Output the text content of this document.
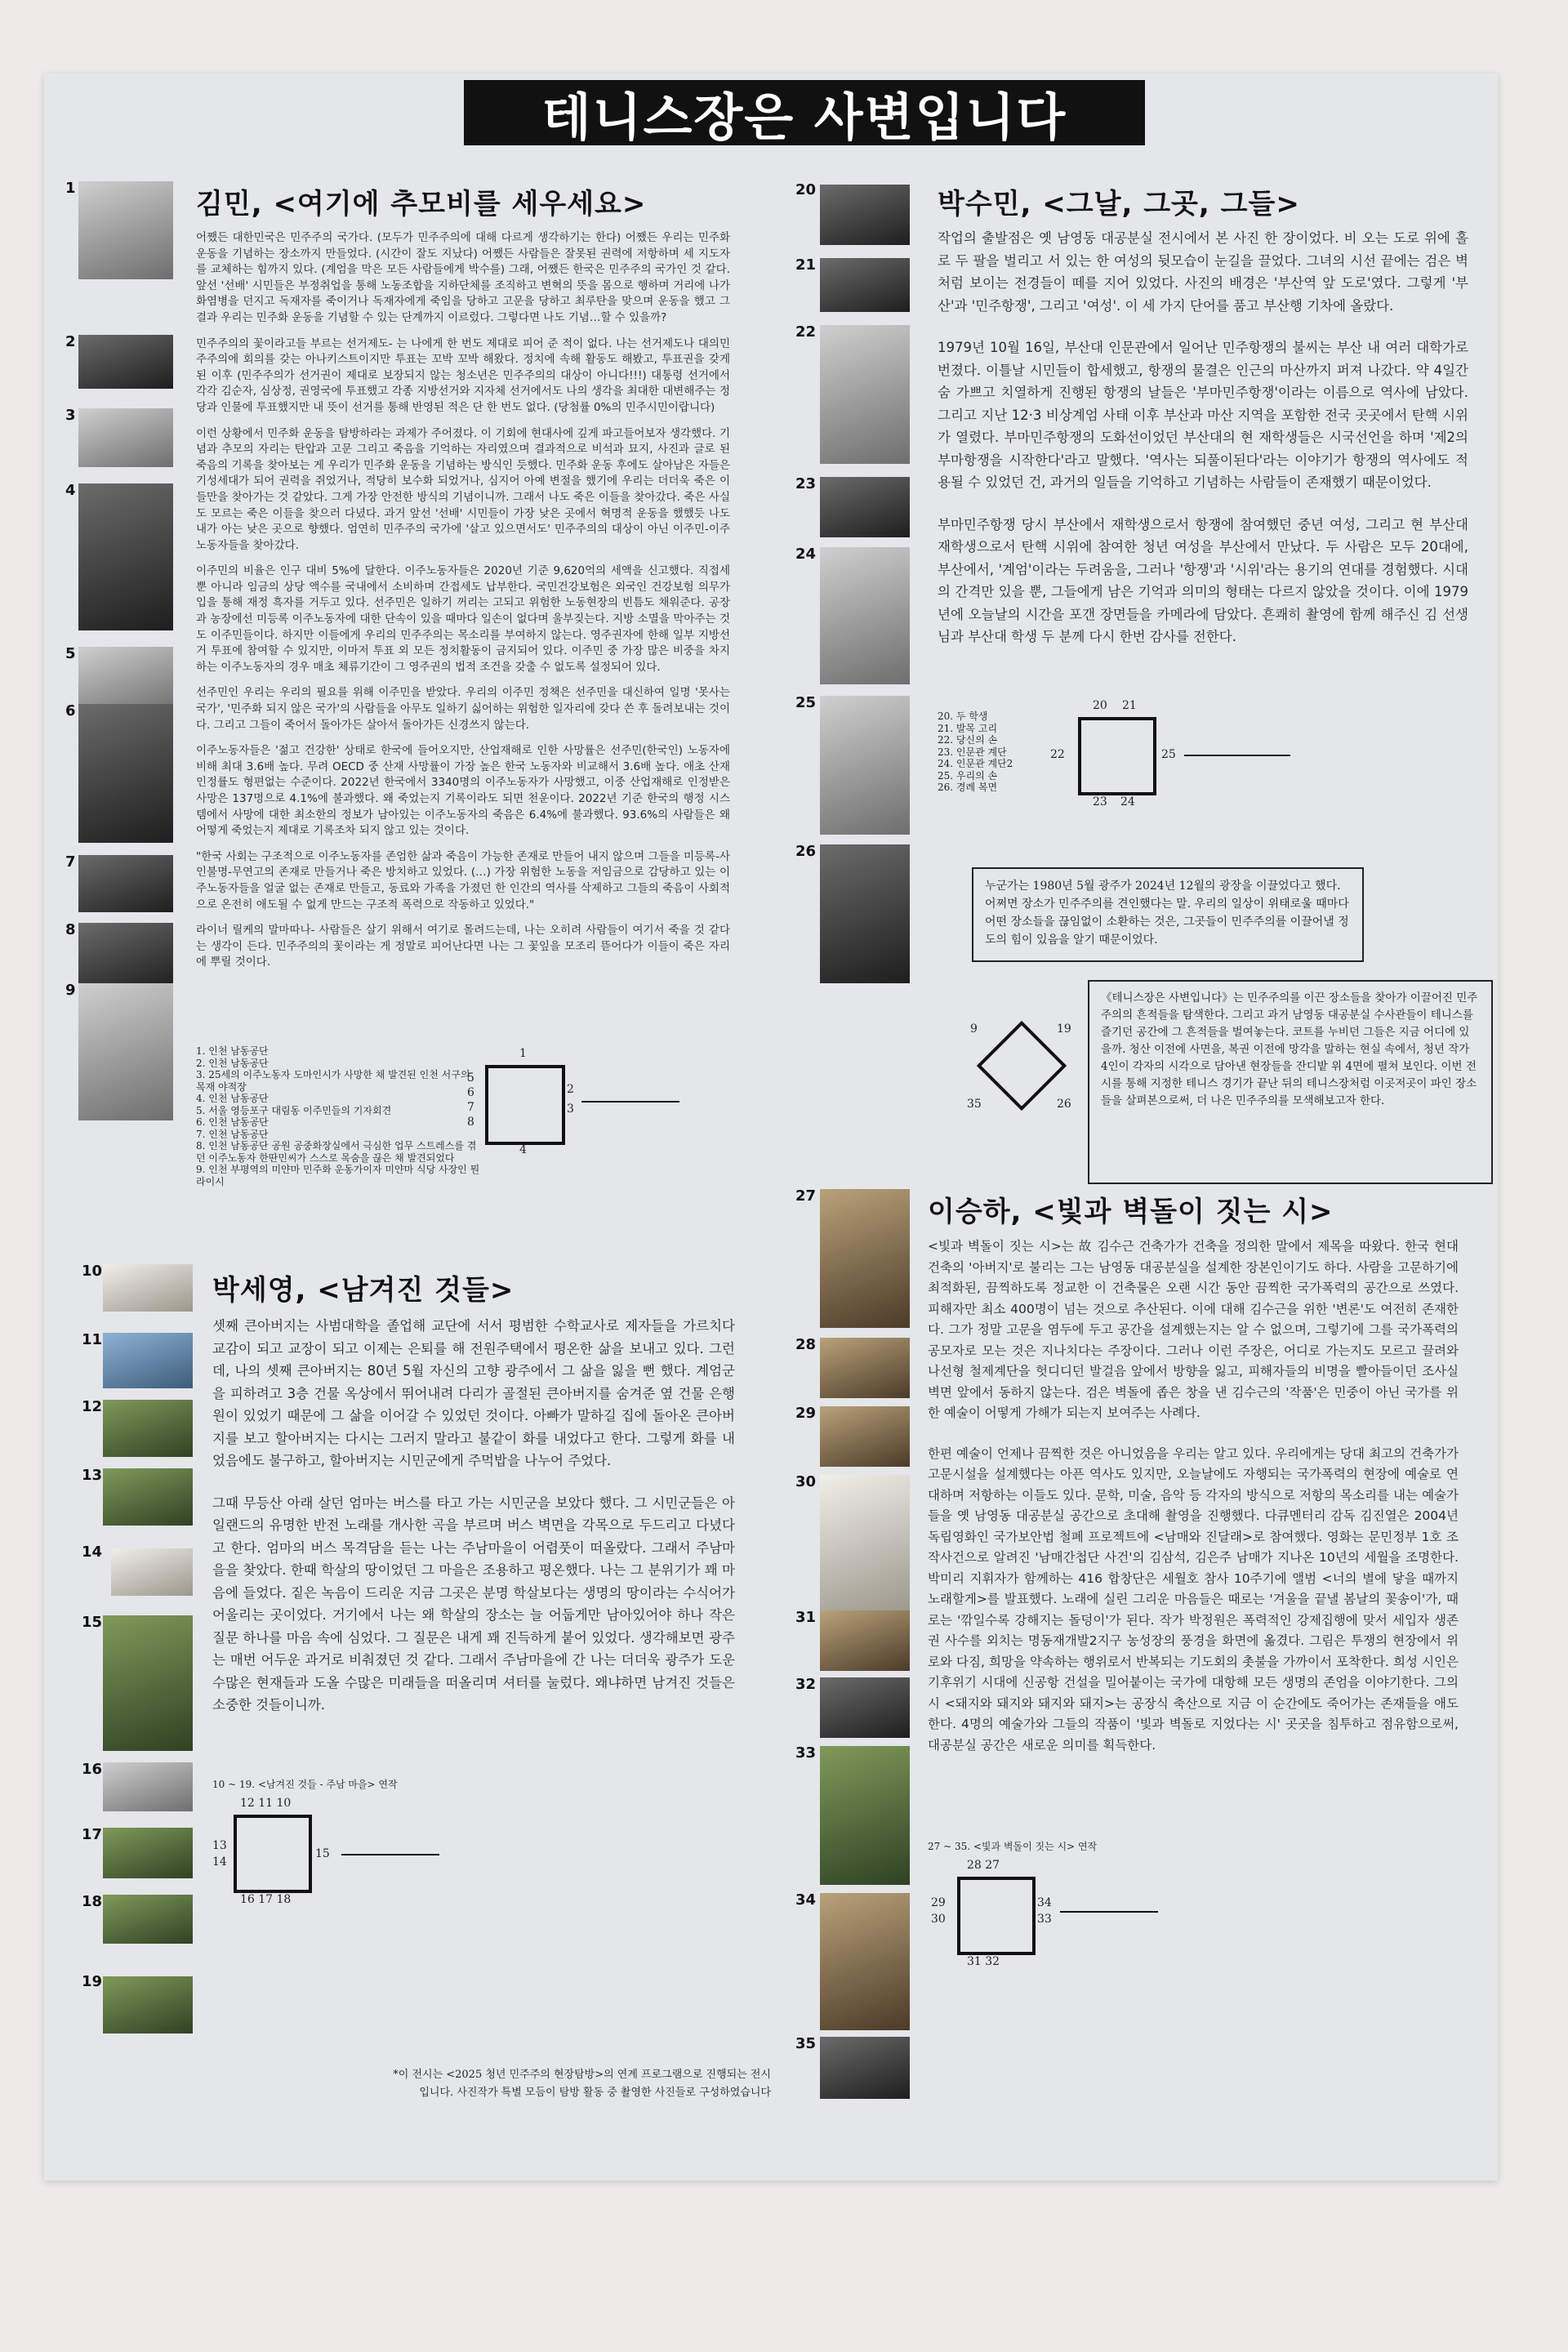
테니스장은 사변입니다
1
2
3
4
5
6
7
8
9
김민, <여기에 추모비를 세우세요>

어쨌든 대한민국은 민주주의 국가다. (모두가 민주주의에 대해 다르게 생각하기는 한다) 어쨌든 우리는 민주화 운동을 기념하는 장소까지 만들었다. (시간이 잘도 지났다) 어쨌든 사람들은 잘못된 권력에 저항하며 세 지도자를 교체하는 힘까지 있다. (계엄을 막은 모든 사람들에게 박수를) 그래, 어쨌든 한국은 민주주의 국가인 것 같다. 앞선 '선배' 시민들은 부정취업을 통해 노동조합을 지하단체를 조직하고 변혁의 뜻을 몸으로 행하며 거리에 나가 화염병을 던지고 독재자를 죽이거나 독재자에게 죽임을 당하고 고문을 당하고 최루탄을 맞으며 운동을 했고 그 결과 우리는 민주화 운동을 기념할 수 있는 단계까지 이르렀다. 그렇다면 나도 기념…할 수 있을까?

민주주의의 꽃이라고들 부르는 선거제도- 는 나에게 한 번도 제대로 피어 준 적이 없다. 나는 선거제도나 대의민주주의에 회의를 갖는 아나키스트이지만 투표는 꼬박 꼬박 해왔다. 정치에 속해 활동도 해봤고, 투표권을 갖게 된 이후 (민주주의가 선거권이 제대로 보장되지 않는 청소년은 민주주의의 대상이 아니다!!!) 대통령 선거에서 각각 김순자, 심상정, 권영국에 투표했고 각종 지방선거와 지자체 선거에서도 나의 생각을 최대한 대변해주는 정당과 인물에 투표했지만 내 뜻이 선거를 통해 반영된 적은 단 한 번도 없다. (당첨률 0%의 민주시민이랍니다)

이런 상황에서 민주화 운동을 탐방하라는 과제가 주어졌다. 이 기회에 현대사에 깊게 파고들어보자 생각했다. 기념과 추모의 자리는 탄압과 고문 그리고 죽음을 기억하는 자리였으며 결과적으로 비석과 묘지, 사진과 글로 된 죽음의 기록을 찾아보는 게 우리가 민주화 운동을 기념하는 방식인 듯했다. 민주화 운동 후에도 살아남은 자들은 기성세대가 되어 권력을 쥐었거나, 적당히 보수화 되었거나, 심지어 아예 변절을 했기에 우리는 더더욱 죽은 이들만을 찾아가는 것 같았다. 그게 가장 안전한 방식의 기념이니까. 그래서 나도 죽은 이들을 찾아갔다. 죽은 사실도 모르는 죽은 이들을 찾으러 다녔다. 과거 앞선 '선배' 시민들이 가장 낮은 곳에서 혁명적 운동을 했했듯 나도 내가 아는 낮은 곳으로 향했다. 엄연히 민주주의 국가에 '살고 있으면서도' 민주주의의 대상이 아닌 이주민-이주노동자들을 찾아갔다.

이주민의 비율은 인구 대비 5%에 달한다. 이주노동자들은 2020년 기준 9,620억의 세액을 신고했다. 직접세 뿐 아니라 임금의 상당 액수를 국내에서 소비하며 간접세도 납부한다. 국민건강보험은 외국인 건강보험 의무가입을 통해 재정 흑자를 거두고 있다. 선주민은 일하기 꺼리는 고되고 위험한 노동현장의 빈틈도 채워준다. 공장과 농장에선 미등록 이주노동자에 대한 단속이 있을 때마다 일손이 없다며 울부짖는다. 지방 소멸을 막아주는 것도 이주민들이다. 하지만 이들에게 우리의 민주주의는 목소리를 부여하지 않는다. 영주권자에 한해 일부 지방선거 투표에 참여할 수 있지만, 이마저 투표 외 모든 정치활동이 금지되어 있다. 이주민 중 가장 많은 비중을 차지하는 이주노동자의 경우 매초 체류기간이 그 영주권의 법적 조건을 갖출 수 없도록 설정되어 있다.

선주민인 우리는 우리의 필요를 위해 이주민을 받았다. 우리의 이주민 정책은 선주민을 대신하여 일명 '못사는 국가', '민주화 되지 않은 국가'의 사람들을 아무도 일하기 싫어하는 위험한 일자리에 갖다 쓴 후 돌려보내는 것이다. 그리고 그들이 죽어서 돌아가든 살아서 돌아가든 신경쓰지 않는다.

이주노동자들은 '젊고 건강한' 상태로 한국에 들어오지만, 산업재해로 인한 사망률은 선주민(한국인) 노동자에 비해 최대 3.6배 높다. 무려 OECD 중 산재 사망률이 가장 높은 한국 노동자와 비교해서 3.6배 높다. 애초 산재 인정률도 형편없는 수준이다. 2022년 한국에서 3340명의 이주노동자가 사망했고, 이중 산업재해로 인정받은 사망은 137명으로 4.1%에 불과했다. 왜 죽었는지 기록이라도 되면 천운이다. 2022년 기준 한국의 행정 시스템에서 사망에 대한 최소한의 정보가 남아있는 이주노동자의 죽음은 6.4%에 불과했다. 93.6%의 사람들은 왜 어떻게 죽었는지 제대로 기록조차 되지 않고 있는 것이다.

"한국 사회는 구조적으로 이주노동자를 존엄한 삶과 죽음이 가능한 존재로 만들어 내지 않으며 그들을 미등록-사인불명-무연고의 존재로 만들거나 죽은 방치하고 있었다. (…) 가장 위험한 노동을 저임금으로 감당하고 있는 이주노동자들을 얼굴 없는 존재로 만들고, 동료와 가족을 가졌던 한 인간의 역사를 삭제하고 그들의 죽음이 사회적으로 온전히 애도될 수 없게 만드는 구조적 폭력으로 작동하고 있었다."

라이너 릴케의 말마따나- 사람들은 살기 위해서 여기로 몰려드는데, 나는 오히려 사람들이 여기서 죽을 것 같다는 생각이 든다. 민주주의의 꽃이라는 게 정말로 피어난다면 나는 그 꽃잎을 모조리 뜯어다가 이들이 죽은 자리에 뿌릴 것이다.

1. 인천 남동공단
2. 인천 남동공단
3. 25세의 이주노동자 도마인시가 사망한 채 발견된 인천 서구의 목재 야적장
4. 인천 남동공단
5. 서울 영등포구 대림동 이주민들의 기자회견
6. 인천 남동공단
7. 인천 남동공단
8. 인천 남동공단 공원 공중화장실에서 극심한 업무 스트레스를 겪던 이주노동자 한딴민씨가 스스로 목숨을 끊은 채 발견되었다
9. 인천 부평역의 미얀마 민주화 운동가이자 미얀마 식당 사장인 뭔라이시
1
2
3
4
5
6
7
8
10
11
12
13
14
15
16
17
18
19
박세영, <남겨진 것들>

셋째 큰아버지는 사범대학을 졸업해 교단에 서서 평범한 수학교사로 제자들을 가르치다 교감이 되고 교장이 되고 이제는 은퇴를 해 전원주택에서 평온한 삶을 보내고 있다. 그런데, 나의 셋째 큰아버지는 80년 5월 자신의 고향 광주에서 그 삶을 잃을 뻔 했다. 계엄군을 피하려고 3층 건물 옥상에서 뛰어내려 다리가 골절된 큰아버지를 숨겨준 옆 건물 은행원이 있었기 때문에 그 삶을 이어갈 수 있었던 것이다. 아빠가 말하길 집에 돌아온 큰아버지를 보고 할아버지는 다시는 그러지 말라고 불같이 화를 내었다고 한다. 그렇게 화를 내었음에도 불구하고, 할아버지는 시민군에게 주먹밥을 나누어 주었다.

그때 무등산 아래 살던 엄마는 버스를 타고 가는 시민군을 보았다 했다. 그 시민군들은 아일랜드의 유명한 반전 노래를 개사한 곡을 부르며 버스 벽면을 각목으로 두드리고 다녔다고 한다. 엄마의 버스 목격담을 듣는 나는 주남마을이 어렴풋이 떠올랐다. 그래서 주남마을을 찾았다. 한때 학살의 땅이었던 그 마을은 조용하고 평온했다. 나는 그 분위기가 꽤 마음에 들었다. 짙은 녹음이 드리운 지금 그곳은 분명 학살보다는 생명의 땅이라는 수식어가 어울리는 곳이었다. 거기에서 나는 왜 학살의 장소는 늘 어둡게만 남아있어야 하나 작은 질문 하나를 마음 속에 심었다. 그 질문은 내게 꽤 진득하게 붙어 있었다. 생각해보면 광주는 매번 어두운 과거로 비춰졌던 것 같다. 그래서 주남마을에 간 나는 더더욱 광주가 도운 수많은 현재들과 도올 수많은 미래들을 떠올리며 셔터를 눌렀다. 왜냐하면 남겨진 것들은 소중한 것들이니까.

10 ~ 19. <남겨진 것들 - 주남 마을> 연작
12 11 10
13
14
15
16 17 18
20
21
22
23
24
25
26
박수민, <그날, 그곳, 그들>

작업의 출발점은 옛 남영동 대공분실 전시에서 본 사진 한 장이었다. 비 오는 도로 위에 홀로 두 팔을 벌리고 서 있는 한 여성의 뒷모습이 눈길을 끌었다. 그녀의 시선 끝에는 검은 벽처럼 보이는 전경들이 떼를 지어 있었다. 사진의 배경은 '부산역 앞 도로'였다. 그렇게 '부산'과 '민주항쟁', 그리고 '여성'. 이 세 가지 단어를 품고 부산행 기차에 올랐다.

1979년 10월 16일, 부산대 인문관에서 일어난 민주항쟁의 불씨는 부산 내 여러 대학가로 번졌다. 이틀날 시민들이 합세했고, 항쟁의 물결은 인근의 마산까지 퍼져 나갔다. 약 4일간 숨 가쁘고 치열하게 진행된 항쟁의 날들은 '부마민주항쟁'이라는 이름으로 역사에 남았다. 그리고 지난 12·3 비상계엄 사태 이후 부산과 마산 지역을 포함한 전국 곳곳에서 탄핵 시위가 열렸다. 부마민주항쟁의 도화선이었던 부산대의 현 재학생들은 시국선언을 하며 '제2의 부마항쟁을 시작한다'라고 말했다. '역사는 되풀이된다'라는 이야기가 항쟁의 역사에도 적용될 수 있었던 건, 과거의 일들을 기억하고 기념하는 사람들이 존재했기 때문이었다.

부마민주항쟁 당시 부산에서 재학생으로서 항쟁에 참여했던 중년 여성, 그리고 현 부산대 재학생으로서 탄핵 시위에 참여한 청년 여성을 부산에서 만났다. 두 사람은 모두 20대에, 부산에서, '계엄'이라는 두려움을, 그러나 '항쟁'과 '시위'라는 용기의 연대를 경험했다. 시대의 간격만 있을 뿐, 그들에게 남은 기억과 의미의 형태는 다르지 않았을 것이다. 이에 1979년에 오늘날의 시간을 포갠 장면들을 카메라에 담았다. 흔쾌히 촬영에 함께 해주신 김 선생님과 부산대 학생 두 분께 다시 한번 감사를 전한다.

20. 두 학생
21. 발목 고리
22. 당신의 손
23. 인문관 계단
24. 인문관 계단2
25. 우리의 손
26. 경례 복면
20 21
22	25
23 24
누군가는 1980년 5월 광주가 2024년 12월의 광장을 이끌었다고 했다. 어쩌면 장소가 민주주의를 견인했다는 말. 우리의 일상이 위태로울 때마다 어떤 장소들을 끊임없이 소환하는 것은, 그곳들이 민주주의를 이끌어낼 정도의 힘이 있음을 알기 때문이었다.
9	19
35	26
《테니스장은 사변입니다》는 민주주의를 이끈 장소들을 찾아가 이끌어진 민주주의의 흔적들을 탐색한다. 그리고 과거 남영동 대공분실 수사관들이 테니스를 즐기던 공간에 그 흔적들을 벌여놓는다. 코트를 누비던 그들은 지금 어디에 있을까. 청산 이전에 사면을, 복권 이전에 망각을 말하는 현실 속에서, 청년 작가 4인이 각자의 시각으로 담아낸 현장들을 잔디밭 위 4면에 펼쳐 보인다. 이번 전시를 통해 지정한 테니스 경기가 끝난 뒤의 테니스장처럼 이곳저곳이 파인 장소들을 살펴본으로써, 더 나은 민주주의를 모색해보고자 한다.
27
28
29
30
31
32
33
34
35
이승하, <빛과 벽돌이 짓는 시>

<빛과 벽돌이 짓는 시>는 故 김수근 건축가가 건축을 정의한 말에서 제목을 따왔다. 한국 현대 건축의 '아버지'로 불리는 그는 남영동 대공분실을 설계한 장본인이기도 하다. 사람을 고문하기에 최적화된, 끔찍하도록 정교한 이 건축물은 오랜 시간 동안 끔찍한 국가폭력의 공간으로 쓰였다. 피해자만 최소 400명이 넘는 것으로 추산된다. 이에 대해 김수근을 위한 '변론'도 여전히 존재한다. 그가 정말 고문을 염두에 두고 공간을 설계했는지는 알 수 없으며, 그렇기에 그를 국가폭력의 공모자로 모는 것은 지나치다는 주장이다. 그러나 이런 주장은, 어디로 가는지도 모르고 끌려와 나선형 철제계단을 헛디디던 발걸음 앞에서 방향을 잃고, 피해자들의 비명을 빨아들이던 조사실 벽면 앞에서 동하지 않는다. 검은 벽돌에 좁은 창을 낸 김수근의 '작품'은 민중이 아닌 국가를 위한 예술이 어떻게 가해가 되는지 보여주는 사례다.

한편 예술이 언제나 끔찍한 것은 아니었음을 우리는 알고 있다. 우리에게는 당대 최고의 건축가가 고문시설을 설계했다는 아픈 역사도 있지만, 오늘날에도 자행되는 국가폭력의 현장에 예술로 연대하며 저항하는 이들도 있다. 문학, 미술, 음악 등 각자의 방식으로 저항의 목소리를 내는 예술가들을 옛 남영동 대공분실 공간으로 초대해 촬영을 진행했다. 다큐멘터리 감독 김진열은 2004년 독립영화인 국가보안법 철폐 프로젝트에 <남매와 진달래>로 참여했다. 영화는 문민정부 1호 조작사건으로 알려진 '남매간첩단 사건'의 김삼석, 김은주 남매가 지나온 10년의 세월을 조명한다. 박미리 지휘자가 함께하는 416 합창단은 세월호 참사 10주기에 앨범 <너의 별에 닿을 때까지 노래할게>를 발표했다. 노래에 실린 그리운 마음들은 때로는 '겨울을 끝낼 봄날의 꽃송이'가, 때로는 '깎일수록 강해지는 돌덩이'가 된다. 작가 박정원은 폭력적인 강제집행에 맞서 세입자 생존권 사수를 외치는 명동재개발2지구 농성장의 풍경을 화면에 옮겼다. 그림은 투쟁의 현장에서 위로와 다짐, 희망을 약속하는 행위로서 반복되는 기도회의 촛불을 가까이서 포착한다. 희성 시인은 기후위기 시대에 신공항 건설을 밀어붙이는 국가에 대항해 모든 생명의 존엄을 이야기한다. 그의 시 <돼지와 돼지와 돼지와 돼지>는 공장식 축산으로 지금 이 순간에도 죽어가는 존재들을 애도한다. 4명의 예술가와 그들의 작품이 '빛과 벽돌로 지었다는 시' 곳곳을 침투하고 점유함으로써, 대공분실 공간은 새로운 의미를 획득한다.

27 ~ 35. <빛과 벽돌이 짓는 시> 연작
28 27
29
30
34
33
31 32
*이 전시는 <2025 청년 민주주의 현장탐방>의 연계 프로그램으로 진행되는 전시입니다. 사진작가 특별 모듬이 탐방 활동 중 촬영한 사진들로 구성하였습니다
